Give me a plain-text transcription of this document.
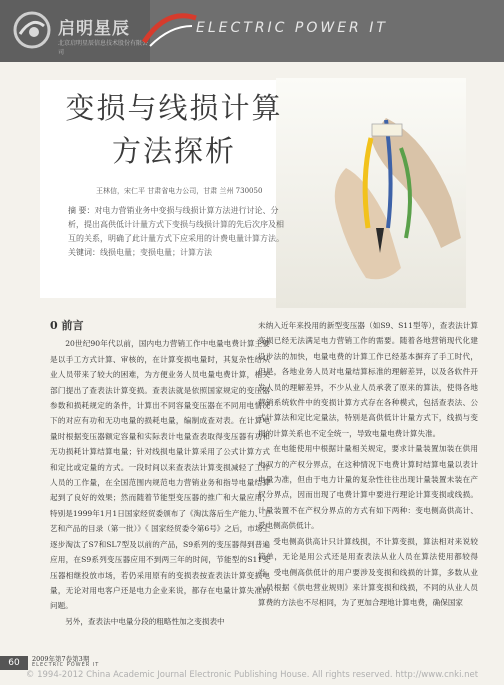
启明星辰
北京启明星辰信息技术股份有限公司
ELECTRIC POWER IT
变损与线损计算
方法探析
王林信，宋仁平 甘肃省电力公司，甘肃 兰州 730050
摘 要：对电力营销业务中变损与线损计算方法进行讨论、分析，提出高供低计计量方式下变损与线损计算的先后次序及相互的关系，明确了此计量方式下应采用的计费电量计算方法。
关键词：线损电量；变损电量；计算方法
0 前言

20世纪90年代以前，国内电力营销工作中电量电费计算主要是以手工方式计算、审核的，在计算变损电量时，其复杂性给从业人员带来了较大的困难，为方便业务人员电量电费计算，相关部门提出了查表法计算变损。查表法就是依照国家规定的变压器参数和损耗规定的条件，计算出不同容量变压器在不同用电情况下的对应有功和无功电量的损耗电量，编制成查对表。在计算电量时根据变压器额定容量和实际表计电量查表取得变压器有功和无功损耗计算结算电量；针对线损电量计算采用了公式计算方式和定比或定量的方式。一段时间以来查表法计算变损减轻了工作人员的工作量，在全国范围内规范电力营销业务和指导电量结算起到了良好的效果；然而随着节能型变压器的推广和大量应用，特别是1999年1月1日国家经贸委颁布了《淘汰落后生产能力、工艺和产品的目录（第一批）》《 国家经贸委令第6号》之后，市场上逐步淘汰了S7和SL7型及以前的产品，S9系列的变压器得到普遍应用，在S9系列变压器应用不到两三年的时间，节能型的S11变压器相继投放市场，若仍采用原有的变损表按查表法计算变损电量，无论对用电客户还是电力企业来说，都存在电量计算失准的问题。

另外，查表法中电量分段的粗略性加之变损表中

未纳入近年来投用的新型变压器（如S9、S11型等），查表法计算变损已经无法满足电力营销工作的需要。随着各地营销现代化建设步法的加快，电量电费的计算工作已经基本摒弃了手工时代，但是，各地业务人员对电量结算标准的理解差异，以及各软件开发人员的理解差异，不少从业人员承袭了原来的算法，使得各地营销系统软件中的变损计算方式存在各种模式，包括查表法、公式计算法和定比定量法，特别是高供低计计量方式下，线损与变损的计算关系也不定全统一，导致电量电费计算失准。

在电能使用中根据计量相关规定，要求计量装置加装在供用电双方的产权分界点，在这种情况下电费计算时结算电量以表计电量为准，但由于电力计量的复杂性往往出现计量装置未装在产权分界点，因而出现了电费计算中要进行理论计算变损或线损。计量装置不在产权分界点的方式有如下两种：变电侧高供高计、受电侧高供低计。

受电侧高供高计只计算线损，不计算变损，算法相对来说较简单，无论是用公式还是用查表法从业人员在算法使用都较得当。受电侧高供低计的用户要涉及变损和线损的计算，多数从业人员根据《供电营业规则》来计算变损和线损，不同的从业人员算费的方法也不尽相同，为了更加合理地计算电费，确保国家

60	2009年第7卷第3期
ELECTRIC POWER IT
© 1994-2012 China Academic Journal Electronic Publishing House. All rights reserved. http://www.cnki.net
